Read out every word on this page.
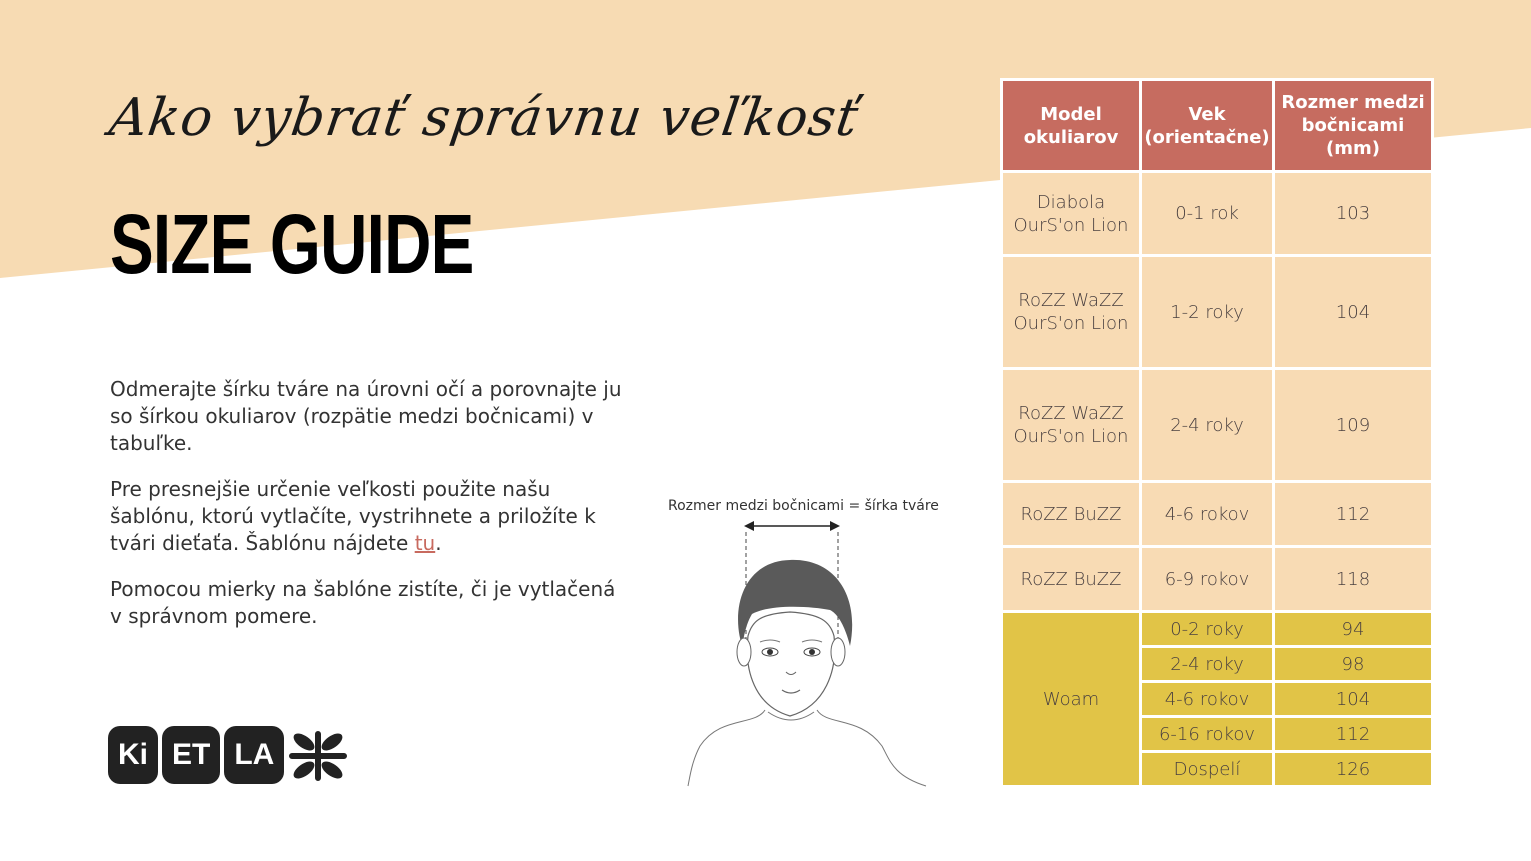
Ako vybrať správnu veľkosť
SIZE GUIDE

Odmerajte šírku tváre na úrovni očí a porovnajte ju so šírkou okuliarov (rozpätie medzi bočnicami) v tabuľke.

Pre presnejšie určenie veľkosti použite našu šablónu, ktorú vytlačíte, vystrihnete a priložíte k tvári dieťaťa. Šablónu nájdete tu.

Pomocou mierky na šablóne zistíte, či je vytlačená v správnom pomere.

Rozmer medzi bočnicami = šírka tváre
Ki ET LA
Model okuliarov	Vek (orientačne)	Rozmer medzi bočnicami (mm)
Diabola OurS'on Lion	0-1 rok	103
RoZZ WaZZ OurS'on Lion	1-2 roky	104
RoZZ WaZZ OurS'on Lion	2-4 roky	109
RoZZ BuZZ	4-6 rokov	112
RoZZ BuZZ	6-9 rokov	118
Woam	0-2 roky	94
	2-4 roky	98
	4-6 rokov	104
	6-16 rokov	112
	Dospelí	126
